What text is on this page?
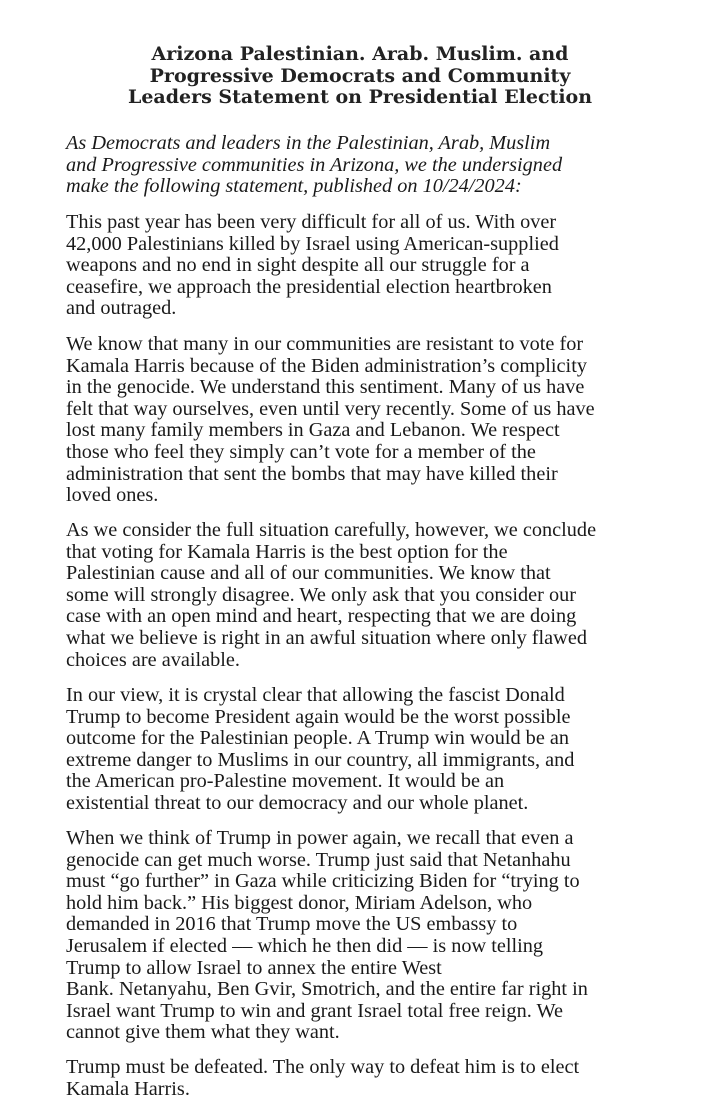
Arizona Palestinian. Arab. Muslim. and
Progressive Democrats and Community
Leaders Statement on Presidential Election
As Democrats and leaders in the Palestinian, Arab, Muslim
and Progressive communities in Arizona, we the undersigned
make the following statement, published on 10/24/2024:
This past year has been very difficult for all of us. With over
42,000 Palestinians killed by Israel using American-supplied
weapons and no end in sight despite all our struggle for a
ceasefire, we approach the presidential election heartbroken
and outraged.
We know that many in our communities are resistant to vote for
Kamala Harris because of the Biden administration’s complicity
in the genocide. We understand this sentiment. Many of us have
felt that way ourselves, even until very recently. Some of us have
lost many family members in Gaza and Lebanon. We respect
those who feel they simply can’t vote for a member of the
administration that sent the bombs that may have killed their
loved ones.
As we consider the full situation carefully, however, we conclude
that voting for Kamala Harris is the best option for the
Palestinian cause and all of our communities. We know that
some will strongly disagree. We only ask that you consider our
case with an open mind and heart, respecting that we are doing
what we believe is right in an awful situation where only flawed
choices are available.
In our view, it is crystal clear that allowing the fascist Donald
Trump to become President again would be the worst possible
outcome for the Palestinian people. A Trump win would be an
extreme danger to Muslims in our country, all immigrants, and
the American pro-Palestine movement. It would be an
existential threat to our democracy and our whole planet.
When we think of Trump in power again, we recall that even a
genocide can get much worse. Trump just said that Netanhahu
must “go further” in Gaza while criticizing Biden for “trying to
hold him back.” His biggest donor, Miriam Adelson, who
demanded in 2016 that Trump move the US embassy to
Jerusalem if elected –– which he then did –– is now telling
Trump to allow Israel to annex the entire West
Bank. Netanyahu, Ben Gvir, Smotrich, and the entire far right in
Israel want Trump to win and grant Israel total free reign. We
cannot give them what they want.
Trump must be defeated. The only way to defeat him is to elect
Kamala Harris.
